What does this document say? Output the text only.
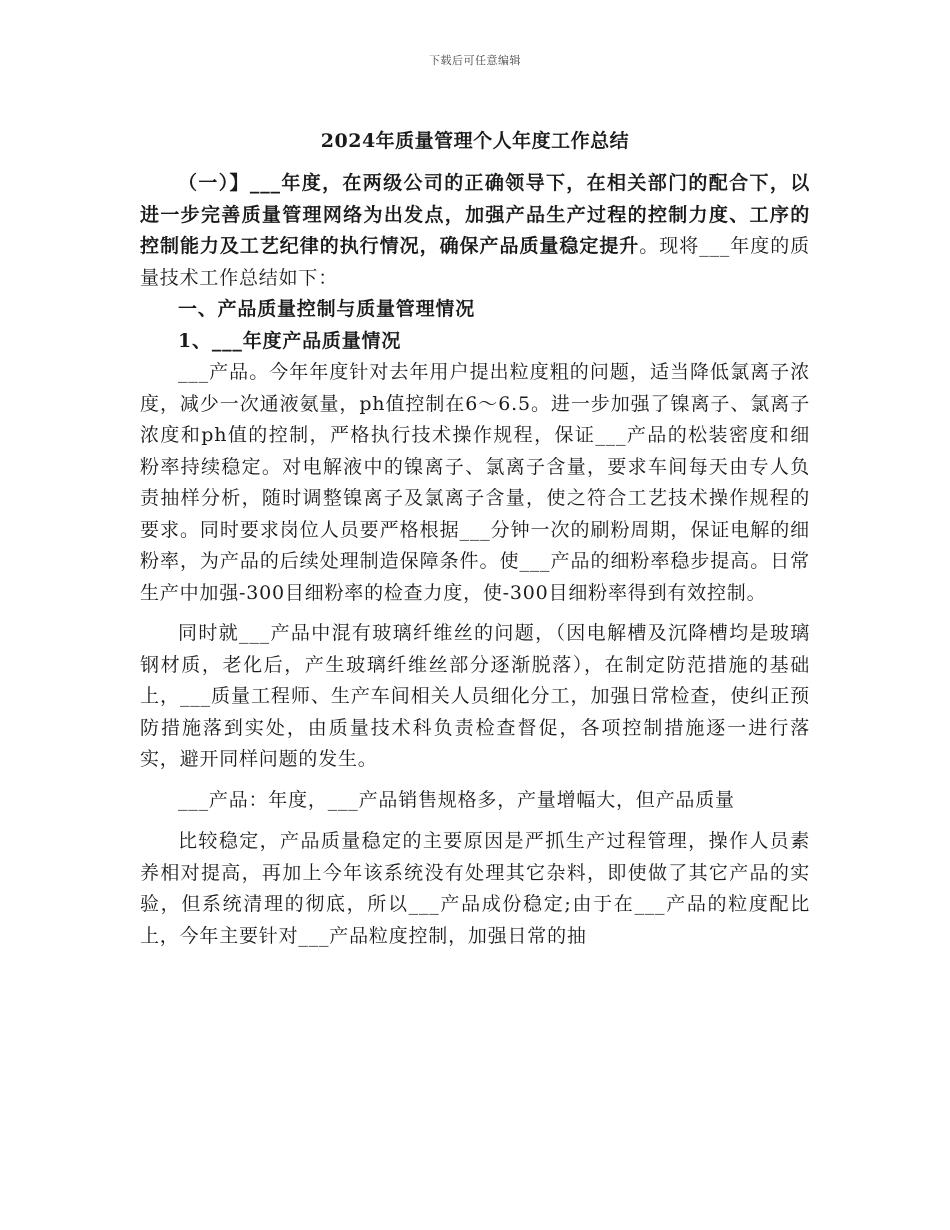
下载后可任意编辑
2024年质量管理个人年度工作总结

（一）】___年度，在两级公司的正确领导下，在相关部门的配合下，以进一步完善质量管理网络为出发点，加强产品生产过程的控制力度、工序的控制能力及工艺纪律的执行情况，确保产品质量稳定提升。现将___年度的质量技术工作总结如下：

一、产品质量控制与质量管理情况

1、___年度产品质量情况

___产品。今年年度针对去年用户提出粒度粗的问题，适当降低氯离子浓度，减少一次通液氨量，ph值控制在6～6.5。进一步加强了镍离子、氯离子浓度和ph值的控制，严格执行技术操作规程，保证___产品的松装密度和细粉率持续稳定。对电解液中的镍离子、氯离子含量，要求车间每天由专人负责抽样分析，随时调整镍离子及氯离子含量，使之符合工艺技术操作规程的要求。同时要求岗位人员要严格根据___分钟一次的刷粉周期，保证电解的细粉率，为产品的后续处理制造保障条件。使___产品的细粉率稳步提高。日常生产中加强-300目细粉率的检查力度，使-300目细粉率得到有效控制。

同时就___产品中混有玻璃纤维丝的问题，（因电解槽及沉降槽均是玻璃钢材质，老化后，产生玻璃纤维丝部分逐渐脱落），在制定防范措施的基础上，___质量工程师、生产车间相关人员细化分工，加强日常检查，使纠正预防措施落到实处，由质量技术科负责检查督促，各项控制措施逐一进行落实，避开同样问题的发生。

___产品：年度，___产品销售规格多，产量增幅大，但产品质量

比较稳定，产品质量稳定的主要原因是严抓生产过程管理，操作人员素养相对提高，再加上今年该系统没有处理其它杂料，即使做了其它产品的实验，但系统清理的彻底，所以___产品成份稳定;由于在___产品的粒度配比上，今年主要针对___产品粒度控制，加强日常的抽
